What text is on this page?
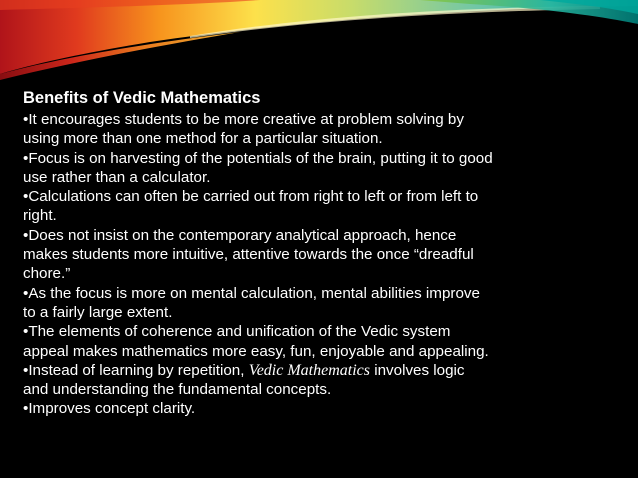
Benefits of Vedic Mathematics

•It encourages students to be more creative at problem solving by using more than one method for a particular situation.

•Focus is on harvesting of the potentials of the brain, putting it to good use rather than a calculator.

•Calculations can often be carried out from right to left or from left to right.

•Does not insist on the contemporary analytical approach, hence makes students more intuitive, attentive towards the once “dreadful chore.”

•As the focus is more on mental calculation, mental abilities improve to a fairly large extent.

•The elements of coherence and unification of the Vedic system appeal makes mathematics more easy, fun, enjoyable and appealing.

•Instead of learning by repetition, Vedic Mathematics involves logic and understanding the fundamental concepts.

•Improves concept clarity.
